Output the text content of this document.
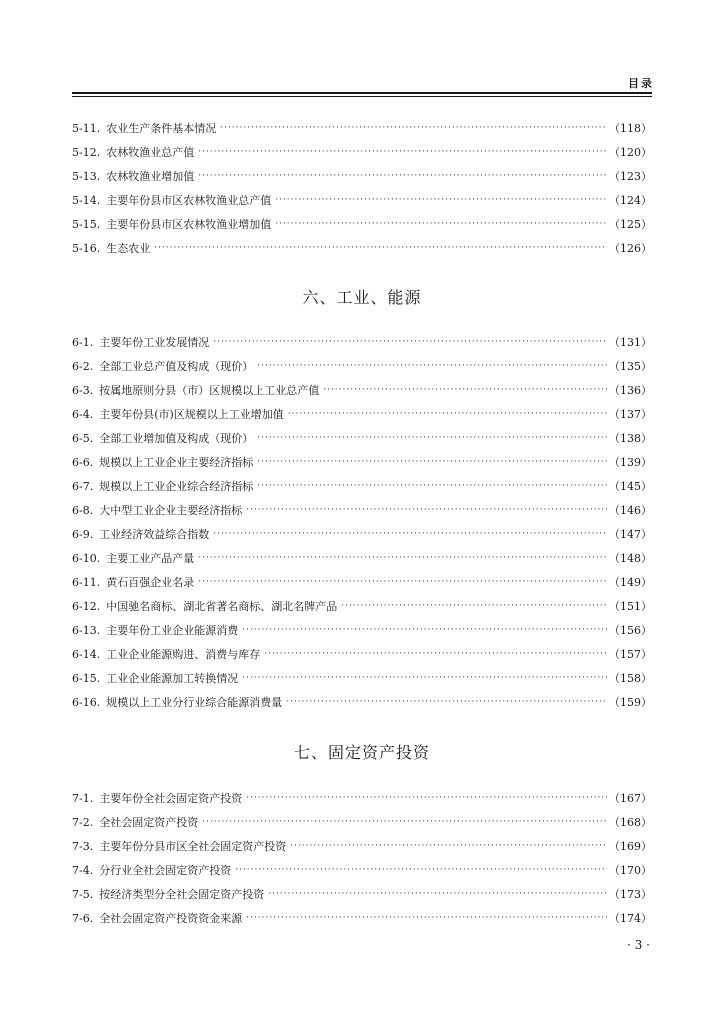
目录
5-11. 农业生产条件基本情况 ·····	（118）
5-12. 农林牧渔业总产值 ·····	（120）
5-13. 农林牧渔业增加值 ·····	（123）
5-14. 主要年份县市区农林牧渔业总产值 ·····	（124）
5-15. 主要年份县市区农林牧渔业增加值 ·····	（125）
5-16. 生态农业 ·····	（126）
六、工业、能源
6-1. 主要年份工业发展情况 ·····	（131）
6-2. 全部工业总产值及构成（现价） ·····	（135）
6-3. 按属地原则分县（市）区规模以上工业总产值 ·····	（136）
6-4. 主要年份县(市)区规模以上工业增加值 ·····	（137）
6-5. 全部工业增加值及构成（现价） ·····	（138）
6-6. 规模以上工业企业主要经济指标 ·····	（139）
6-7. 规模以上工业企业综合经济指标 ·····	（145）
6-8. 大中型工业企业主要经济指标 ·····	（146）
6-9. 工业经济效益综合指数 ·····	（147）
6-10. 主要工业产品产量 ·····	（148）
6-11. 黄石百强企业名录 ·····	（149）
6-12. 中国驰名商标、湖北省著名商标、湖北名牌产品 ·····	（151）
6-13. 主要年份工业企业能源消费 ·····	（156）
6-14. 工业企业能源购进、消费与库存 ·····	（157）
6-15. 工业企业能源加工转换情况 ·····	（158）
6-16. 规模以上工业分行业综合能源消费量 ·····	（159）
七、固定资产投资
7-1. 主要年份全社会固定资产投资 ·····	（167）
7-2. 全社会固定资产投资 ·····	（168）
7-3. 主要年份分县市区全社会固定资产投资 ·····	（169）
7-4. 分行业全社会固定资产投资 ·····	（170）
7-5. 按经济类型分全社会固定资产投资 ·····	（173）
7-6. 全社会固定资产投资资金来源 ·····	（174）
· 3 ·
